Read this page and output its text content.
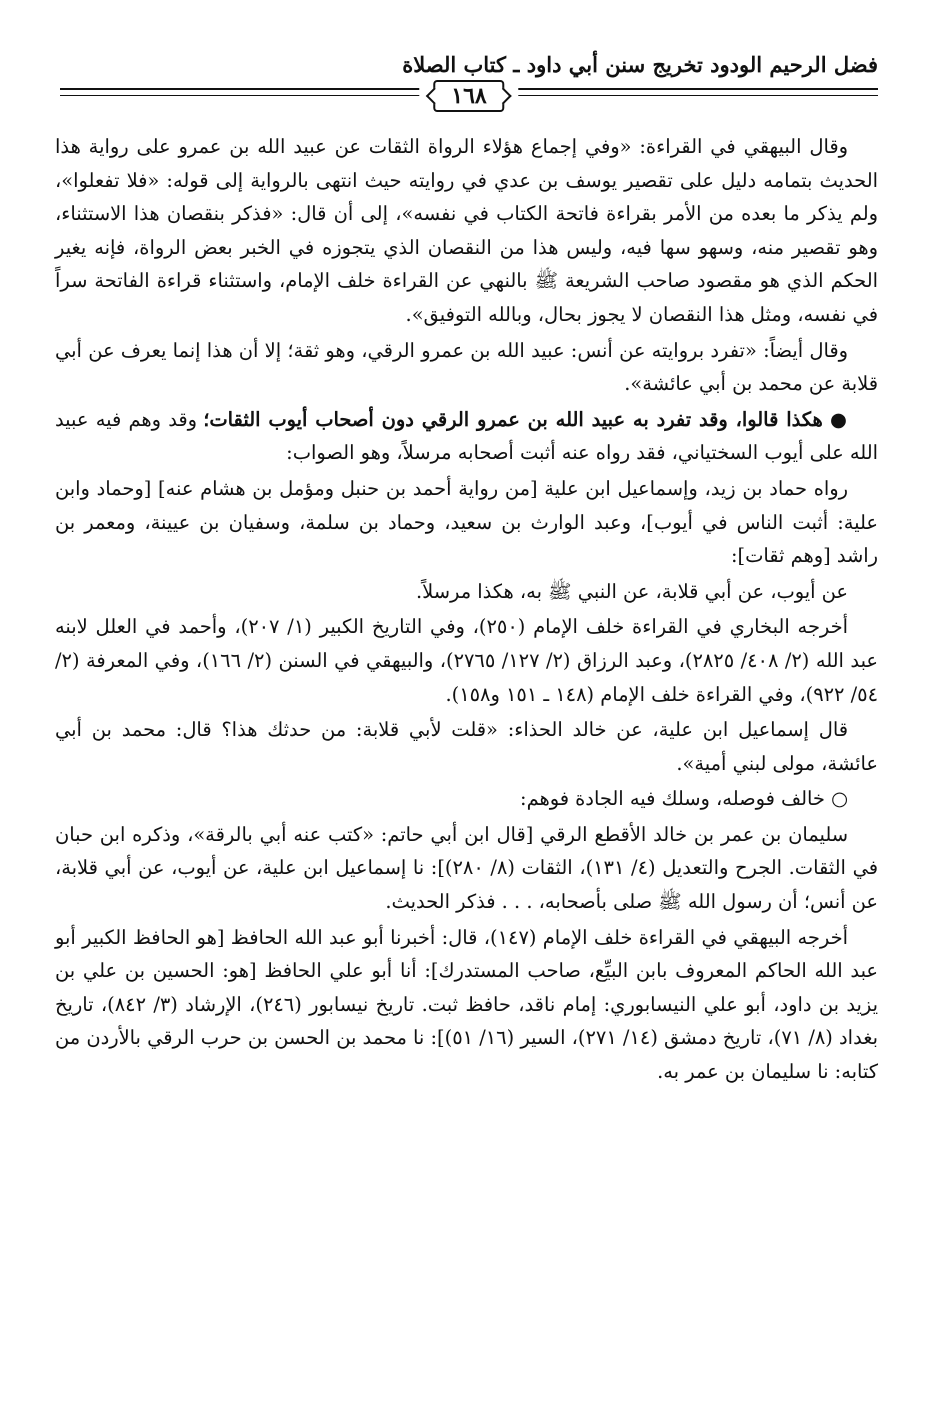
فضل الرحيم الودود تخريج سنن أبي داود ـ كتاب الصلاة
١٦٨

وقال البيهقي في القراءة: «وفي إجماع هؤلاء الرواة الثقات عن عبيد الله بن عمرو على رواية هذا الحديث بتمامه دليل على تقصير يوسف بن عدي في روايته حيث انتهى بالرواية إلى قوله: «فلا تفعلوا»، ولم يذكر ما بعده من الأمر بقراءة فاتحة الكتاب في نفسه»، إلى أن قال: «فذكر بنقصان هذا الاستثناء، وهو تقصير منه، وسهو سها فيه، وليس هذا من النقصان الذي يتجوزه في الخبر بعض الرواة، فإنه يغير الحكم الذي هو مقصود صاحب الشريعة ﷺ بالنهي عن القراءة خلف الإمام، واستثناء قراءة الفاتحة سراً في نفسه، ومثل هذا النقصان لا يجوز بحال، وبالله التوفيق».

وقال أيضاً: «تفرد بروايته عن أنس: عبيد الله بن عمرو الرقي، وهو ثقة؛ إلا أن هذا إنما يعرف عن أبي قلابة عن محمد بن أبي عائشة».

● هكذا قالوا، وقد تفرد به عبيد الله بن عمرو الرقي دون أصحاب أيوب الثقات؛ وقد وهم فيه عبيد الله على أيوب السختياني، فقد رواه عنه أثبت أصحابه مرسلاً، وهو الصواب:

رواه حماد بن زيد، وإسماعيل ابن علية [من رواية أحمد بن حنبل ومؤمل بن هشام عنه] [وحماد وابن علية: أثبت الناس في أيوب]، وعبد الوارث بن سعيد، وحماد بن سلمة، وسفيان بن عيينة، ومعمر بن راشد [وهم ثقات]:

عن أيوب، عن أبي قلابة، عن النبي ﷺ به، هكذا مرسلاً.

أخرجه البخاري في القراءة خلف الإمام (٢٥٠)، وفي التاريخ الكبير (١/ ٢٠٧)، وأحمد في العلل لابنه عبد الله (٢/ ٤٠٨/ ٢٨٢٥)، وعبد الرزاق (٢/ ١٢٧/ ٢٧٦٥)، والبيهقي في السنن (٢/ ١٦٦)، وفي المعرفة (٢/ ٥٤/ ٩٢٢)، وفي القراءة خلف الإمام (١٤٨ ـ ١٥١ و١٥٨).

قال إسماعيل ابن علية، عن خالد الحذاء: «قلت لأبي قلابة: من حدثك هذا؟ قال: محمد بن أبي عائشة، مولى لبني أمية».

○ خالف فوصله، وسلك فيه الجادة فوهم:

سليمان بن عمر بن خالد الأقطع الرقي [قال ابن أبي حاتم: «كتب عنه أبي بالرقة»، وذكره ابن حبان في الثقات. الجرح والتعديل (٤/ ١٣١)، الثقات (٨/ ٢٨٠)]: نا إسماعيل ابن علية، عن أيوب، عن أبي قلابة، عن أنس؛ أن رسول الله ﷺ صلى بأصحابه، . . . فذكر الحديث.

أخرجه البيهقي في القراءة خلف الإمام (١٤٧)، قال: أخبرنا أبو عبد الله الحافظ [هو الحافظ الكبير أبو عبد الله الحاكم المعروف بابن البيِّع، صاحب المستدرك]: أنا أبو علي الحافظ [هو: الحسين بن علي بن يزيد بن داود، أبو علي النيسابوري: إمام ناقد، حافظ ثبت. تاريخ نيسابور (٢٤٦)، الإرشاد (٣/ ٨٤٢)، تاريخ بغداد (٨/ ٧١)، تاريخ دمشق (١٤/ ٢٧١)، السير (١٦/ ٥١)]: نا محمد بن الحسن بن حرب الرقي بالأردن من كتابه: نا سليمان بن عمر به.
